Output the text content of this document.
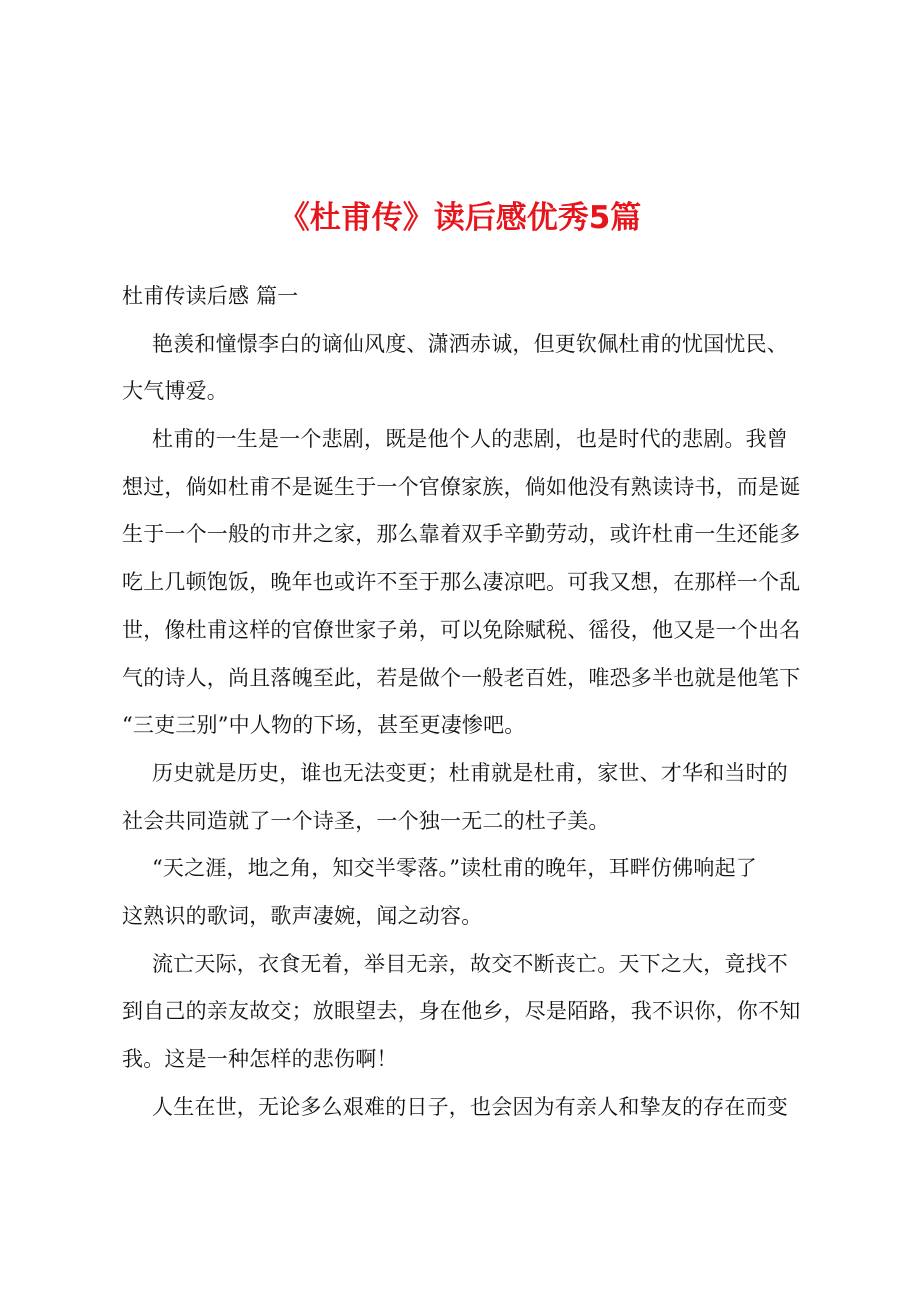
《杜甫传》读后感优秀5篇
杜甫传读后感 篇一
艳羡和憧憬李白的谪仙风度、潇洒赤诚，但更钦佩杜甫的忧国忧民、
大气博爱。
杜甫的一生是一个悲剧，既是他个人的悲剧，也是时代的悲剧。我曾
想过，倘如杜甫不是诞生于一个官僚家族，倘如他没有熟读诗书，而是诞
生于一个一般的市井之家，那么靠着双手辛勤劳动，或许杜甫一生还能多
吃上几顿饱饭，晚年也或许不至于那么凄凉吧。可我又想，在那样一个乱
世，像杜甫这样的官僚世家子弟，可以免除赋税、徭役，他又是一个出名
气的诗人，尚且落魄至此，若是做个一般老百姓，唯恐多半也就是他笔下
“三吏三别”中人物的下场，甚至更凄惨吧。
历史就是历史，谁也无法变更；杜甫就是杜甫，家世、才华和当时的
社会共同造就了一个诗圣，一个独一无二的杜子美。
“天之涯，地之角，知交半零落。”读杜甫的晚年，耳畔仿佛响起了
这熟识的歌词，歌声凄婉，闻之动容。
流亡天际，衣食无着，举目无亲，故交不断丧亡。天下之大，竟找不
到自己的亲友故交；放眼望去，身在他乡，尽是陌路，我不识你，你不知
我。这是一种怎样的悲伤啊！
人生在世，无论多么艰难的日子，也会因为有亲人和挚友的存在而变
